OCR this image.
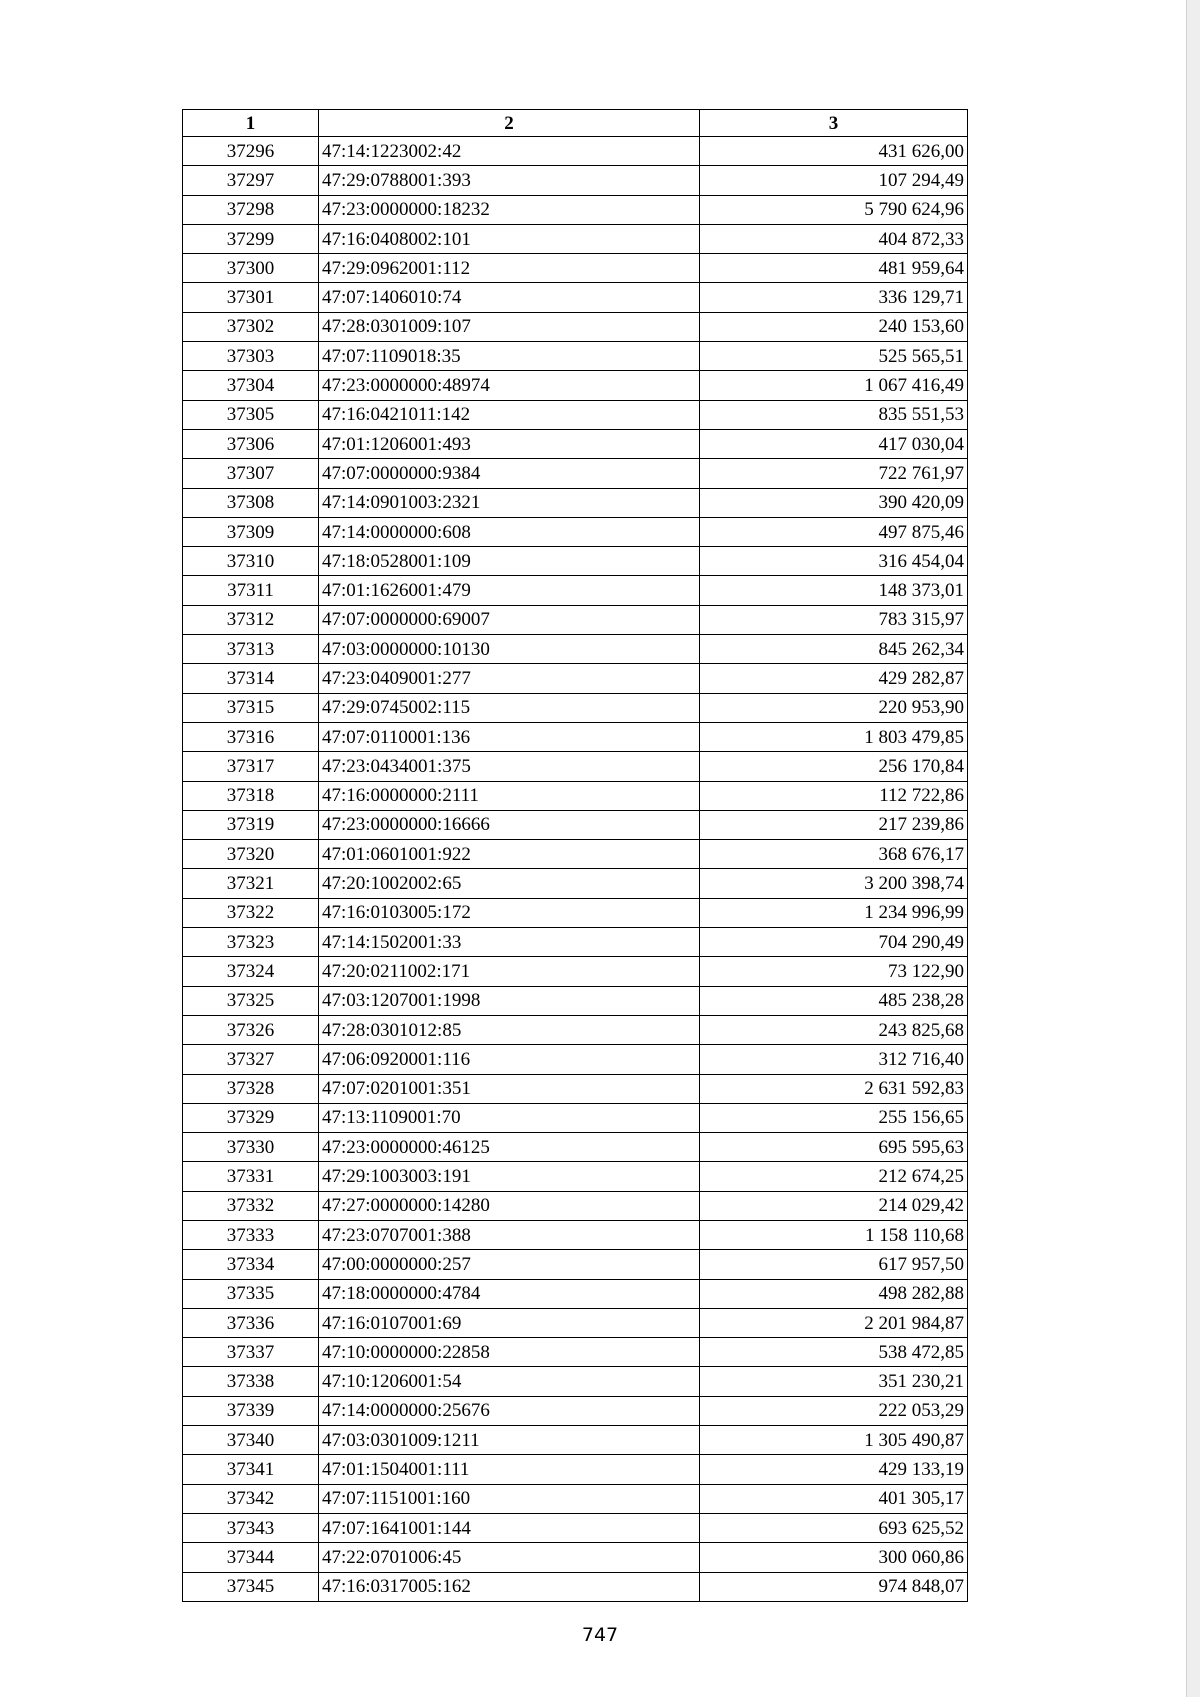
1	2	3
37296	47:14:1223002:42	431 626,00
37297	47:29:0788001:393	107 294,49
37298	47:23:0000000:18232	5 790 624,96
37299	47:16:0408002:101	404 872,33
37300	47:29:0962001:112	481 959,64
37301	47:07:1406010:74	336 129,71
37302	47:28:0301009:107	240 153,60
37303	47:07:1109018:35	525 565,51
37304	47:23:0000000:48974	1 067 416,49
37305	47:16:0421011:142	835 551,53
37306	47:01:1206001:493	417 030,04
37307	47:07:0000000:9384	722 761,97
37308	47:14:0901003:2321	390 420,09
37309	47:14:0000000:608	497 875,46
37310	47:18:0528001:109	316 454,04
37311	47:01:1626001:479	148 373,01
37312	47:07:0000000:69007	783 315,97
37313	47:03:0000000:10130	845 262,34
37314	47:23:0409001:277	429 282,87
37315	47:29:0745002:115	220 953,90
37316	47:07:0110001:136	1 803 479,85
37317	47:23:0434001:375	256 170,84
37318	47:16:0000000:2111	112 722,86
37319	47:23:0000000:16666	217 239,86
37320	47:01:0601001:922	368 676,17
37321	47:20:1002002:65	3 200 398,74
37322	47:16:0103005:172	1 234 996,99
37323	47:14:1502001:33	704 290,49
37324	47:20:0211002:171	73 122,90
37325	47:03:1207001:1998	485 238,28
37326	47:28:0301012:85	243 825,68
37327	47:06:0920001:116	312 716,40
37328	47:07:0201001:351	2 631 592,83
37329	47:13:1109001:70	255 156,65
37330	47:23:0000000:46125	695 595,63
37331	47:29:1003003:191	212 674,25
37332	47:27:0000000:14280	214 029,42
37333	47:23:0707001:388	1 158 110,68
37334	47:00:0000000:257	617 957,50
37335	47:18:0000000:4784	498 282,88
37336	47:16:0107001:69	2 201 984,87
37337	47:10:0000000:22858	538 472,85
37338	47:10:1206001:54	351 230,21
37339	47:14:0000000:25676	222 053,29
37340	47:03:0301009:1211	1 305 490,87
37341	47:01:1504001:111	429 133,19
37342	47:07:1151001:160	401 305,17
37343	47:07:1641001:144	693 625,52
37344	47:22:0701006:45	300 060,86
37345	47:16:0317005:162	974 848,07
747
